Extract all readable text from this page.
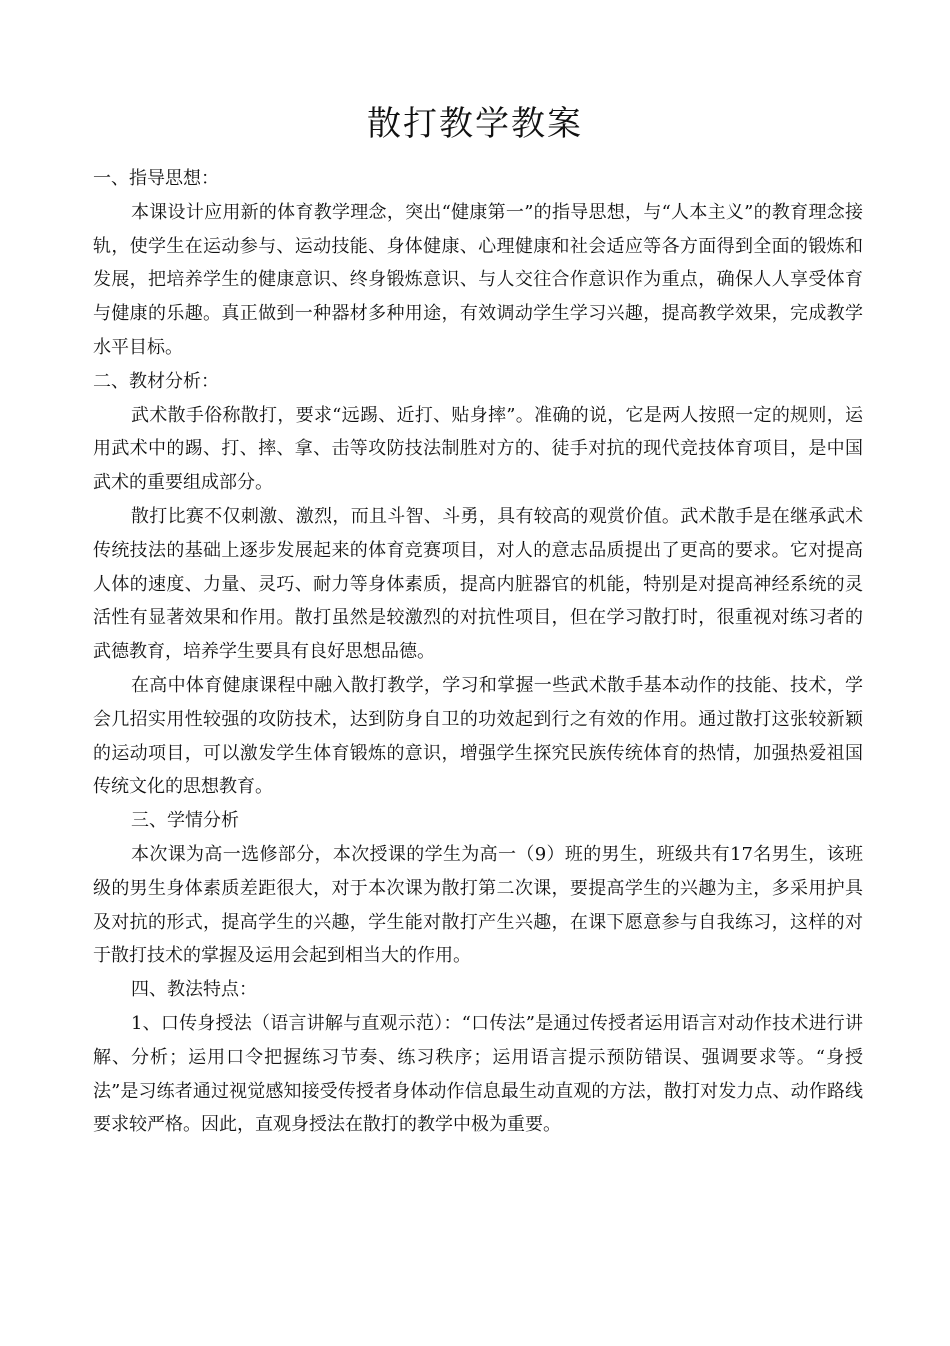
散打教学教案

一、指导思想：

本课设计应用新的体育教学理念，突出“健康第一”的指导思想，与“人本主义”的教育理念接轨，使学生在运动参与、运动技能、身体健康、心理健康和社会适应等各方面得到全面的锻炼和发展，把培养学生的健康意识、终身锻炼意识、与人交往合作意识作为重点，确保人人享受体育与健康的乐趣。真正做到一种器材多种用途，有效调动学生学习兴趣，提高教学效果，完成教学水平目标。

二、教材分析：

武术散手俗称散打，要求“远踢、近打、贴身摔”。准确的说，它是两人按照一定的规则，运用武术中的踢、打、摔、拿、击等攻防技法制胜对方的、徒手对抗的现代竞技体育项目，是中国武术的重要组成部分。

散打比赛不仅刺激、激烈，而且斗智、斗勇，具有较高的观赏价值。武术散手是在继承武术传统技法的基础上逐步发展起来的体育竞赛项目，对人的意志品质提出了更高的要求。它对提高人体的速度、力量、灵巧、耐力等身体素质，提高内脏器官的机能，特别是对提高神经系统的灵活性有显著效果和作用。散打虽然是较激烈的对抗性项目，但在学习散打时，很重视对练习者的武德教育，培养学生要具有良好思想品德。

在高中体育健康课程中融入散打教学，学习和掌握一些武术散手基本动作的技能、技术，学会几招实用性较强的攻防技术，达到防身自卫的功效起到行之有效的作用。通过散打这张较新颖的运动项目，可以激发学生体育锻炼的意识，增强学生探究民族传统体育的热情，加强热爱祖国传统文化的思想教育。

三、学情分析

本次课为高一选修部分，本次授课的学生为高一（9）班的男生，班级共有17名男生，该班级的男生身体素质差距很大，对于本次课为散打第二次课，要提高学生的兴趣为主，多采用护具及对抗的形式，提高学生的兴趣，学生能对散打产生兴趣，在课下愿意参与自我练习，这样的对于散打技术的掌握及运用会起到相当大的作用。

四、教法特点：

1、口传身授法（语言讲解与直观示范）：“口传法”是通过传授者运用语言对动作技术进行讲解、分析；运用口令把握练习节奏、练习秩序；运用语言提示预防错误、强调要求等。“身授法”是习练者通过视觉感知接受传授者身体动作信息最生动直观的方法，散打对发力点、动作路线要求较严格。因此，直观身授法在散打的教学中极为重要。
